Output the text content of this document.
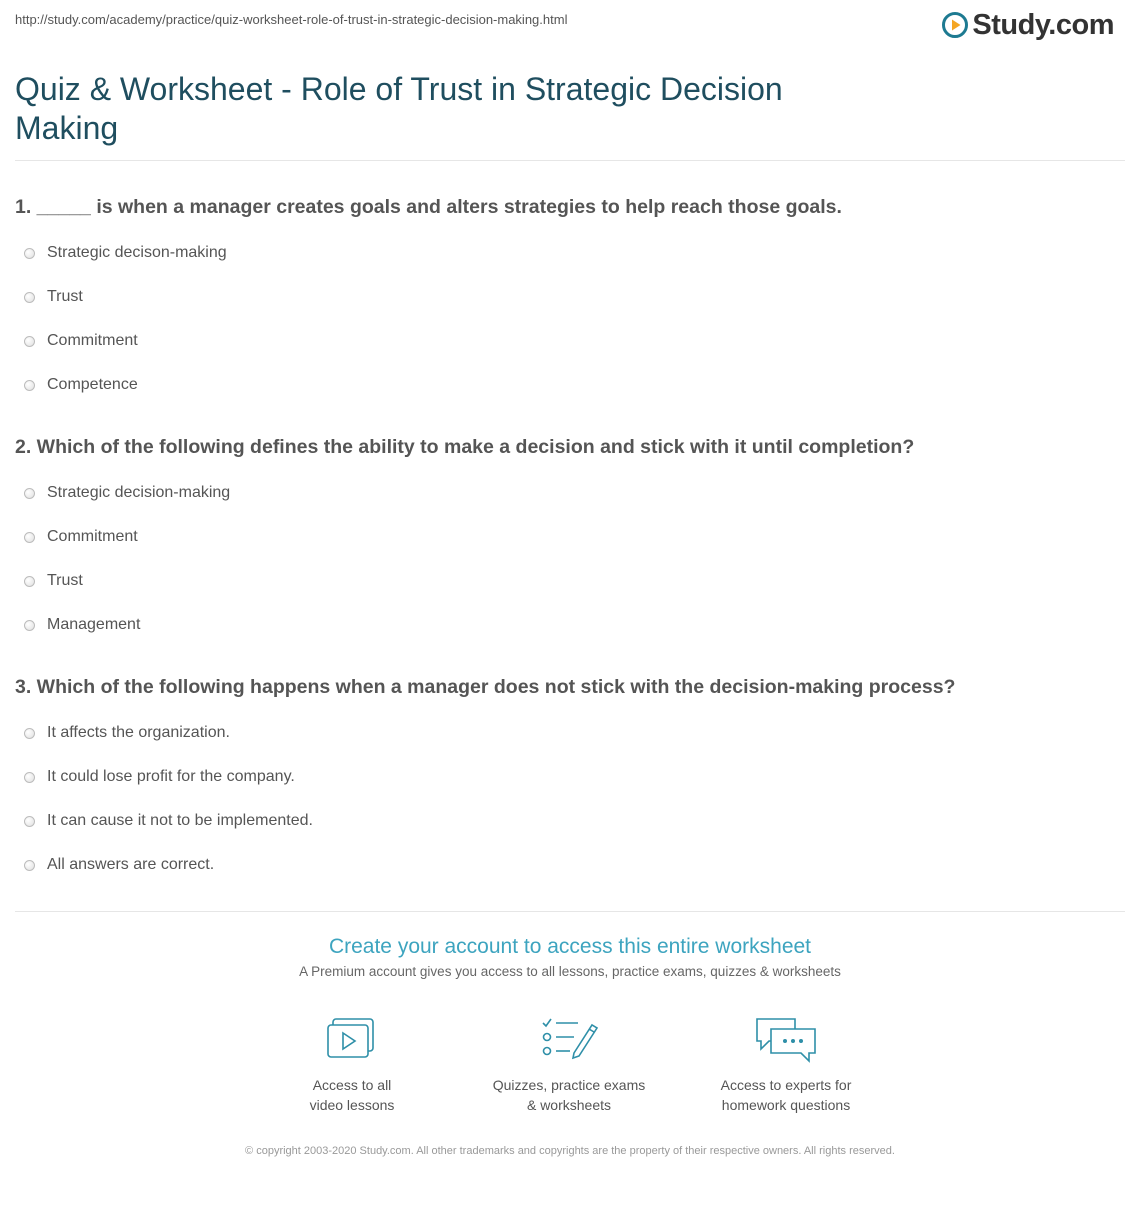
http://study.com/academy/practice/quiz-worksheet-role-of-trust-in-strategic-decision-making.html	Study.com
Quiz & Worksheet - Role of Trust in Strategic Decision Making

1. _____ is when a manager creates goals and alters strategies to help reach those goals.

Strategic decison-making
Trust
Commitment
Competence

2. Which of the following defines the ability to make a decision and stick with it until completion?

Strategic decision-making
Commitment
Trust
Management

3. Which of the following happens when a manager does not stick with the decision-making process?

It affects the organization.
It could lose profit for the company.
It can cause it not to be implemented.
All answers are correct.

Create your account to access this entire worksheet

A Premium account gives you access to all lessons, practice exams, quizzes & worksheets

Access to all
video lessons
Quizzes, practice exams
& worksheets
Access to experts for
homework questions
© copyright 2003-2020 Study.com. All other trademarks and copyrights are the property of their respective owners. All rights reserved.
